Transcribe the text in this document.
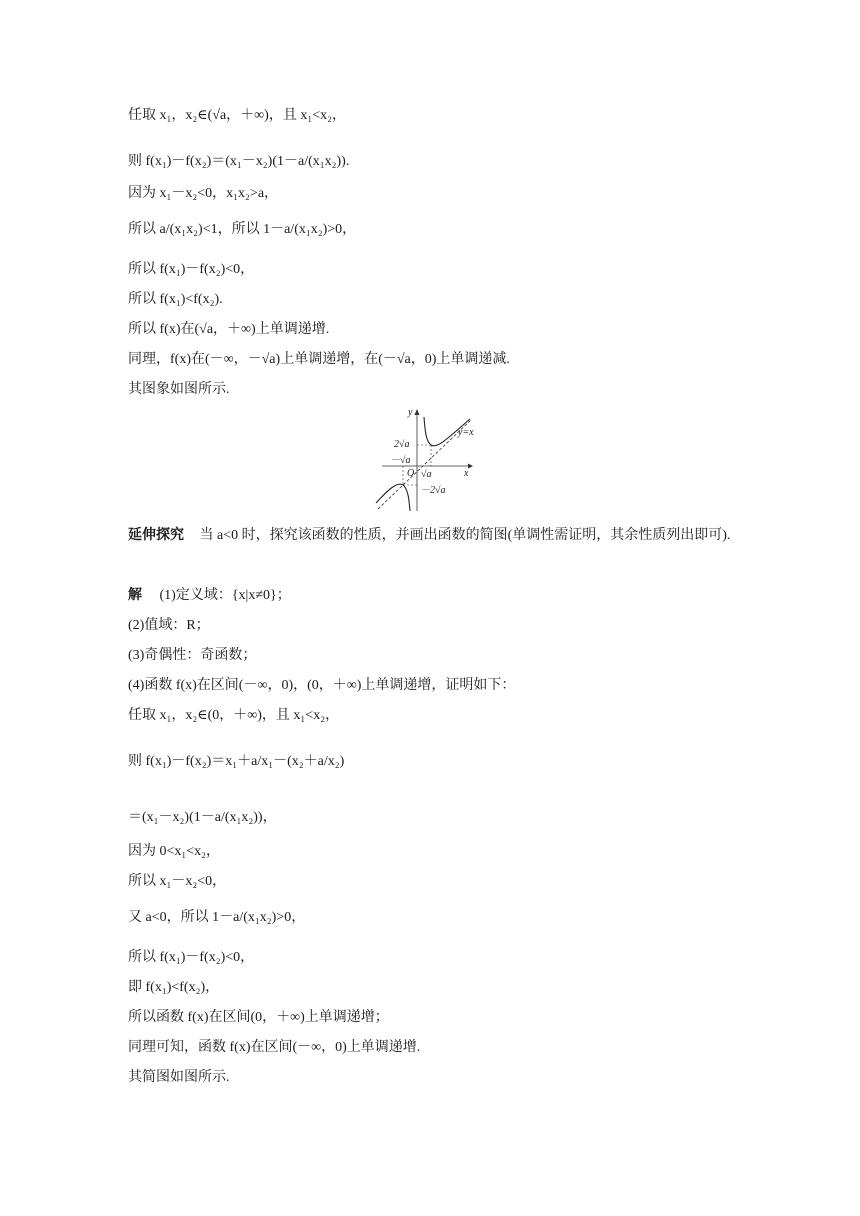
任取 x₁，x₂∈(√a，＋∞)，且 x₁<x₂，
则 f(x₁)－f(x₂)＝(x₁－x₂)(1－a/(x₁x₂)).
因为 x₁－x₂<0，x₁x₂>a，
所以 a/(x₁x₂)<1，所以 1－a/(x₁x₂)>0，
所以 f(x₁)－f(x₂)<0，
所以 f(x₁)<f(x₂).
所以 f(x)在(√a，＋∞)上单调递增.
同理，f(x)在(－∞，－√a)上单调递增，在(－√a，0)上单调递减.
其图象如图所示.
y
x
y=x
2√a
－√a
O √a
－2√a
延伸探究 当 a<0 时，探究该函数的性质，并画出函数的简图(单调性需证明，其余性质列出即可).
解 (1)定义域：{x|x≠0}；
(2)值域：R；
(3)奇偶性：奇函数；
(4)函数 f(x)在区间(－∞，0)，(0，＋∞)上单调递增，证明如下：
任取 x₁，x₂∈(0，＋∞)，且 x₁<x₂，
则 f(x₁)－f(x₂)＝x₁＋a/x₁－(x₂＋a/x₂)
＝(x₁－x₂)(1－a/(x₁x₂))，
因为 0<x₁<x₂，
所以 x₁－x₂<0，
又 a<0，所以 1－a/(x₁x₂)>0，
所以 f(x₁)－f(x₂)<0，
即 f(x₁)<f(x₂)，
所以函数 f(x)在区间(0，＋∞)上单调递增；
同理可知，函数 f(x)在区间(－∞，0)上单调递增.
其简图如图所示.
